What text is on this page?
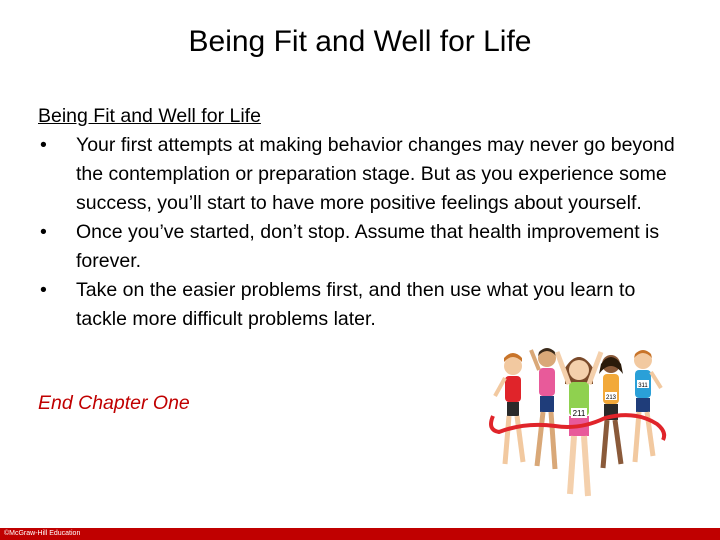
Being Fit and Well for Life
Being Fit and Well for Life
• Your first attempts at making behavior changes may never go beyond the contemplation or preparation stage. But as you experience some success, you’ll start to have more positive feelings about yourself.
• Once you’ve started, don’t stop. Assume that health improvement is forever.
• Take on the easier problems first, and then use what you learn to tackle more difficult problems later.
End Chapter One	211
213
311
©McGraw-Hill Education
